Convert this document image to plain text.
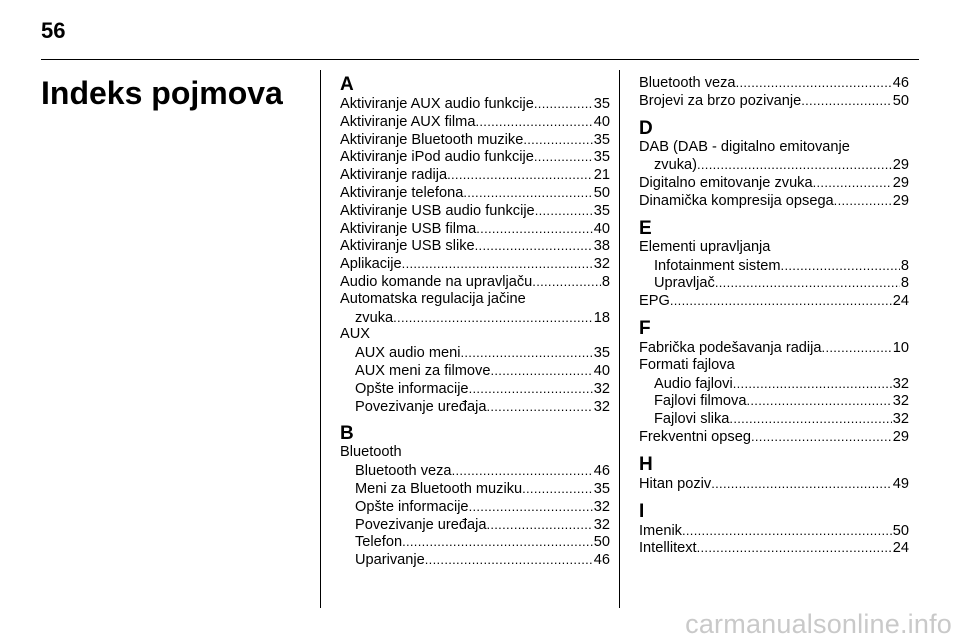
56
Indeks pojmova	A
Aktiviranje AUX audio funkcije .....	35
Aktiviranje AUX filma .....	40
Aktiviranje Bluetooth muzike .....	35
Aktiviranje iPod audio funkcije .....	35
Aktiviranje radija .....	21
Aktiviranje telefona .....	50
Aktiviranje USB audio funkcije .....	35
Aktiviranje USB filma .....	40
Aktiviranje USB slike .....	38
Aplikacije .....	32
Audio komande na upravljaču .....	8
Automatska regulacija jačine
zvuka .....	18
AUX
AUX audio meni .....	35
AUX meni za filmove .....	40
Opšte informacije .....	32
Povezivanje uređaja .....	32
B
Bluetooth
Bluetooth veza .....	46
Meni za Bluetooth muziku .....	35
Opšte informacije .....	32
Povezivanje uređaja .....	32
Telefon .....	50
Uparivanje .....	46
Bluetooth veza .....	46
Brojevi za brzo pozivanje .....	50
D
DAB (DAB - digitalno emitovanje
zvuka) .....	29
Digitalno emitovanje zvuka .....	29
Dinamička kompresija opsega .....	29
E
Elementi upravljanja
Infotainment sistem .....	8
Upravljač .....	8
EPG .....	24
F
Fabrička podešavanja radija .....	10
Formati fajlova
Audio fajlovi .....	32
Fajlovi filmova .....	32
Fajlovi slika .....	32
Frekventni opseg .....	29
H
Hitan poziv .....	49
I
Imenik .....	50
Intellitext .....	24
carmanualsonline.info
